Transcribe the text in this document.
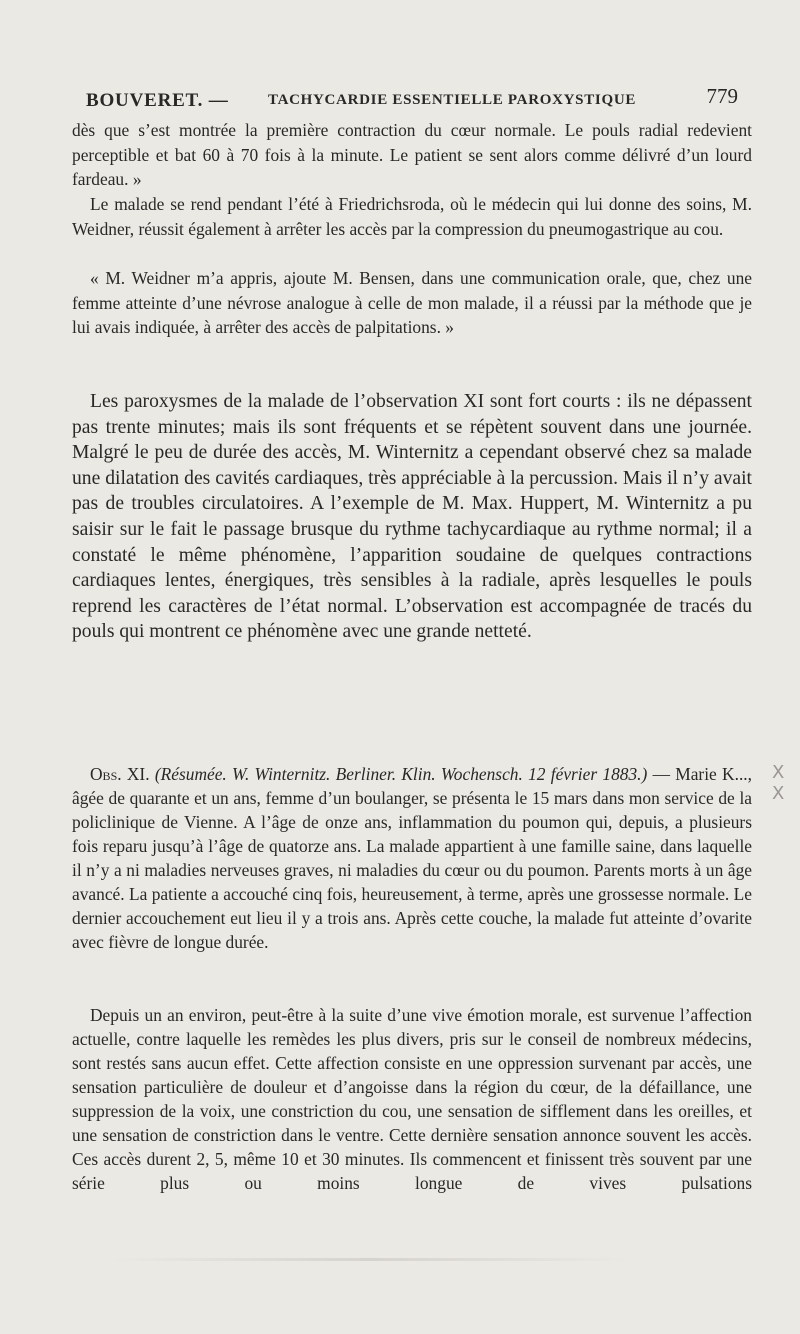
BOUVERET. —	TACHYCARDIE ESSENTIELLE PAROXYSTIQUE	779

dès que s’est montrée la première contraction du cœur normale. Le pouls radial redevient perceptible et bat 60 à 70 fois à la minute. Le patient se sent alors comme délivré d’un lourd fardeau. »

Le malade se rend pendant l’été à Friedrichsroda, où le médecin qui lui donne des soins, M. Weidner, réussit également à arrêter les accès par la compression du pneumogastrique au cou.

« M. Weidner m’a appris, ajoute M. Bensen, dans une communication orale, que, chez une femme atteinte d’une névrose analogue à celle de mon malade, il a réussi par la méthode que je lui avais indiquée, à arrêter des accès de palpitations. »

Les paroxysmes de la malade de l’observation XI sont fort courts : ils ne dépassent pas trente minutes; mais ils sont fréquents et se répètent souvent dans une journée. Malgré le peu de durée des accès, M. Winternitz a cependant observé chez sa malade une dilatation des cavités cardiaques, très appréciable à la percussion. Mais il n’y avait pas de troubles circulatoires. A l’exemple de M. Max. Huppert, M. Winternitz a pu saisir sur le fait le passage brusque du rythme tachycardiaque au rythme normal; il a constaté le même phénomène, l’apparition soudaine de quelques contractions cardiaques lentes, énergiques, très sensibles à la radiale, après lesquelles le pouls reprend les caractères de l’état normal. L’observation est accompagnée de tracés du pouls qui montrent ce phénomène avec une grande netteté.

Obs. XI. (Résumée. W. Winternitz. Berliner. Klin. Wochensch. 12 février 1883.) — Marie K..., âgée de quarante et un ans, femme d’un boulanger, se présenta le 15 mars dans mon service de la policlinique de Vienne. A l’âge de onze ans, inflammation du poumon qui, depuis, a plusieurs fois reparu jusqu’à l’âge de quatorze ans. La malade appartient à une famille saine, dans laquelle il n’y a ni maladies nerveuses graves, ni maladies du cœur ou du poumon. Parents morts à un âge avancé. La patiente a accouché cinq fois, heureusement, à terme, après une grossesse normale. Le dernier accouchement eut lieu il y a trois ans. Après cette couche, la malade fut atteinte d’ovarite avec fièvre de longue durée.

Depuis un an environ, peut-être à la suite d’une vive émotion morale, est survenue l’affection actuelle, contre laquelle les remèdes les plus divers, pris sur le conseil de nombreux médecins, sont restés sans aucun effet. Cette affection consiste en une oppression survenant par accès, une sensation particulière de douleur et d’angoisse dans la région du cœur, de la défaillance, une suppression de la voix, une constriction du cou, une sensation de sifflement dans les oreilles, et une sensation de constriction dans le ventre. Cette dernière sensation annonce souvent les accès. Ces accès durent 2, 5, même 10 et 30 minutes. Ils commencent et finissent très souvent par une série plus ou moins longue de vives pulsations

X X
